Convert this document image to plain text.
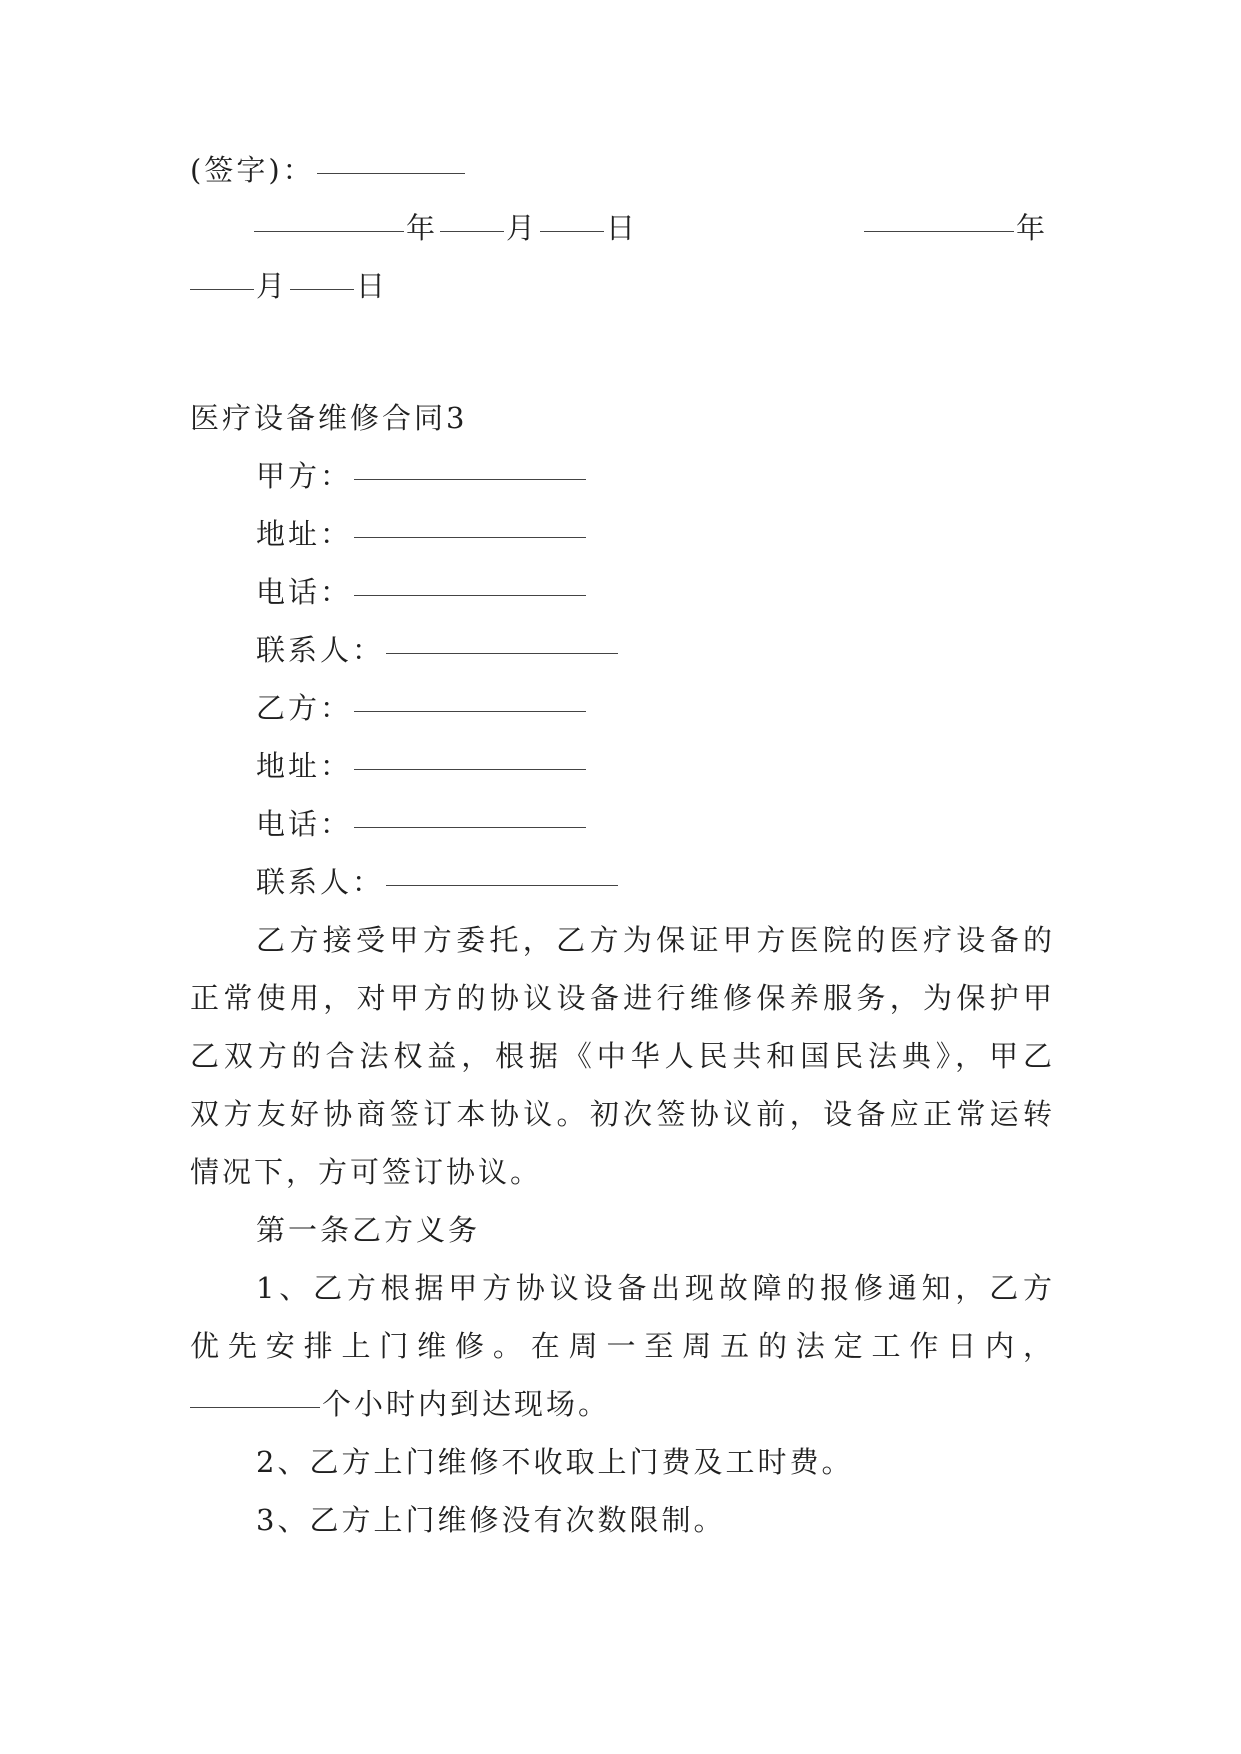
(签字)：
年 月 日	年
月 日
医疗设备维修合同3
甲方：
地址：
电话：
联系人：
乙方：
地址：
电话：
联系人：
乙方接受甲方委托，乙方为保证甲方医院的医疗设备的
正常使用，对甲方的协议设备进行维修保养服务，为保护甲
乙双方的合法权益，根据《中华人民共和国民法典》，甲乙
双方友好协商签订本协议。初次签协议前，设备应正常运转
情况下，方可签订协议。
第一条乙方义务
1、乙方根据甲方协议设备出现故障的报修通知，乙方
优先安排上门维修。在周一至周五的法定工作日内，
个小时内到达现场。
2、乙方上门维修不收取上门费及工时费。
3、乙方上门维修没有次数限制。
